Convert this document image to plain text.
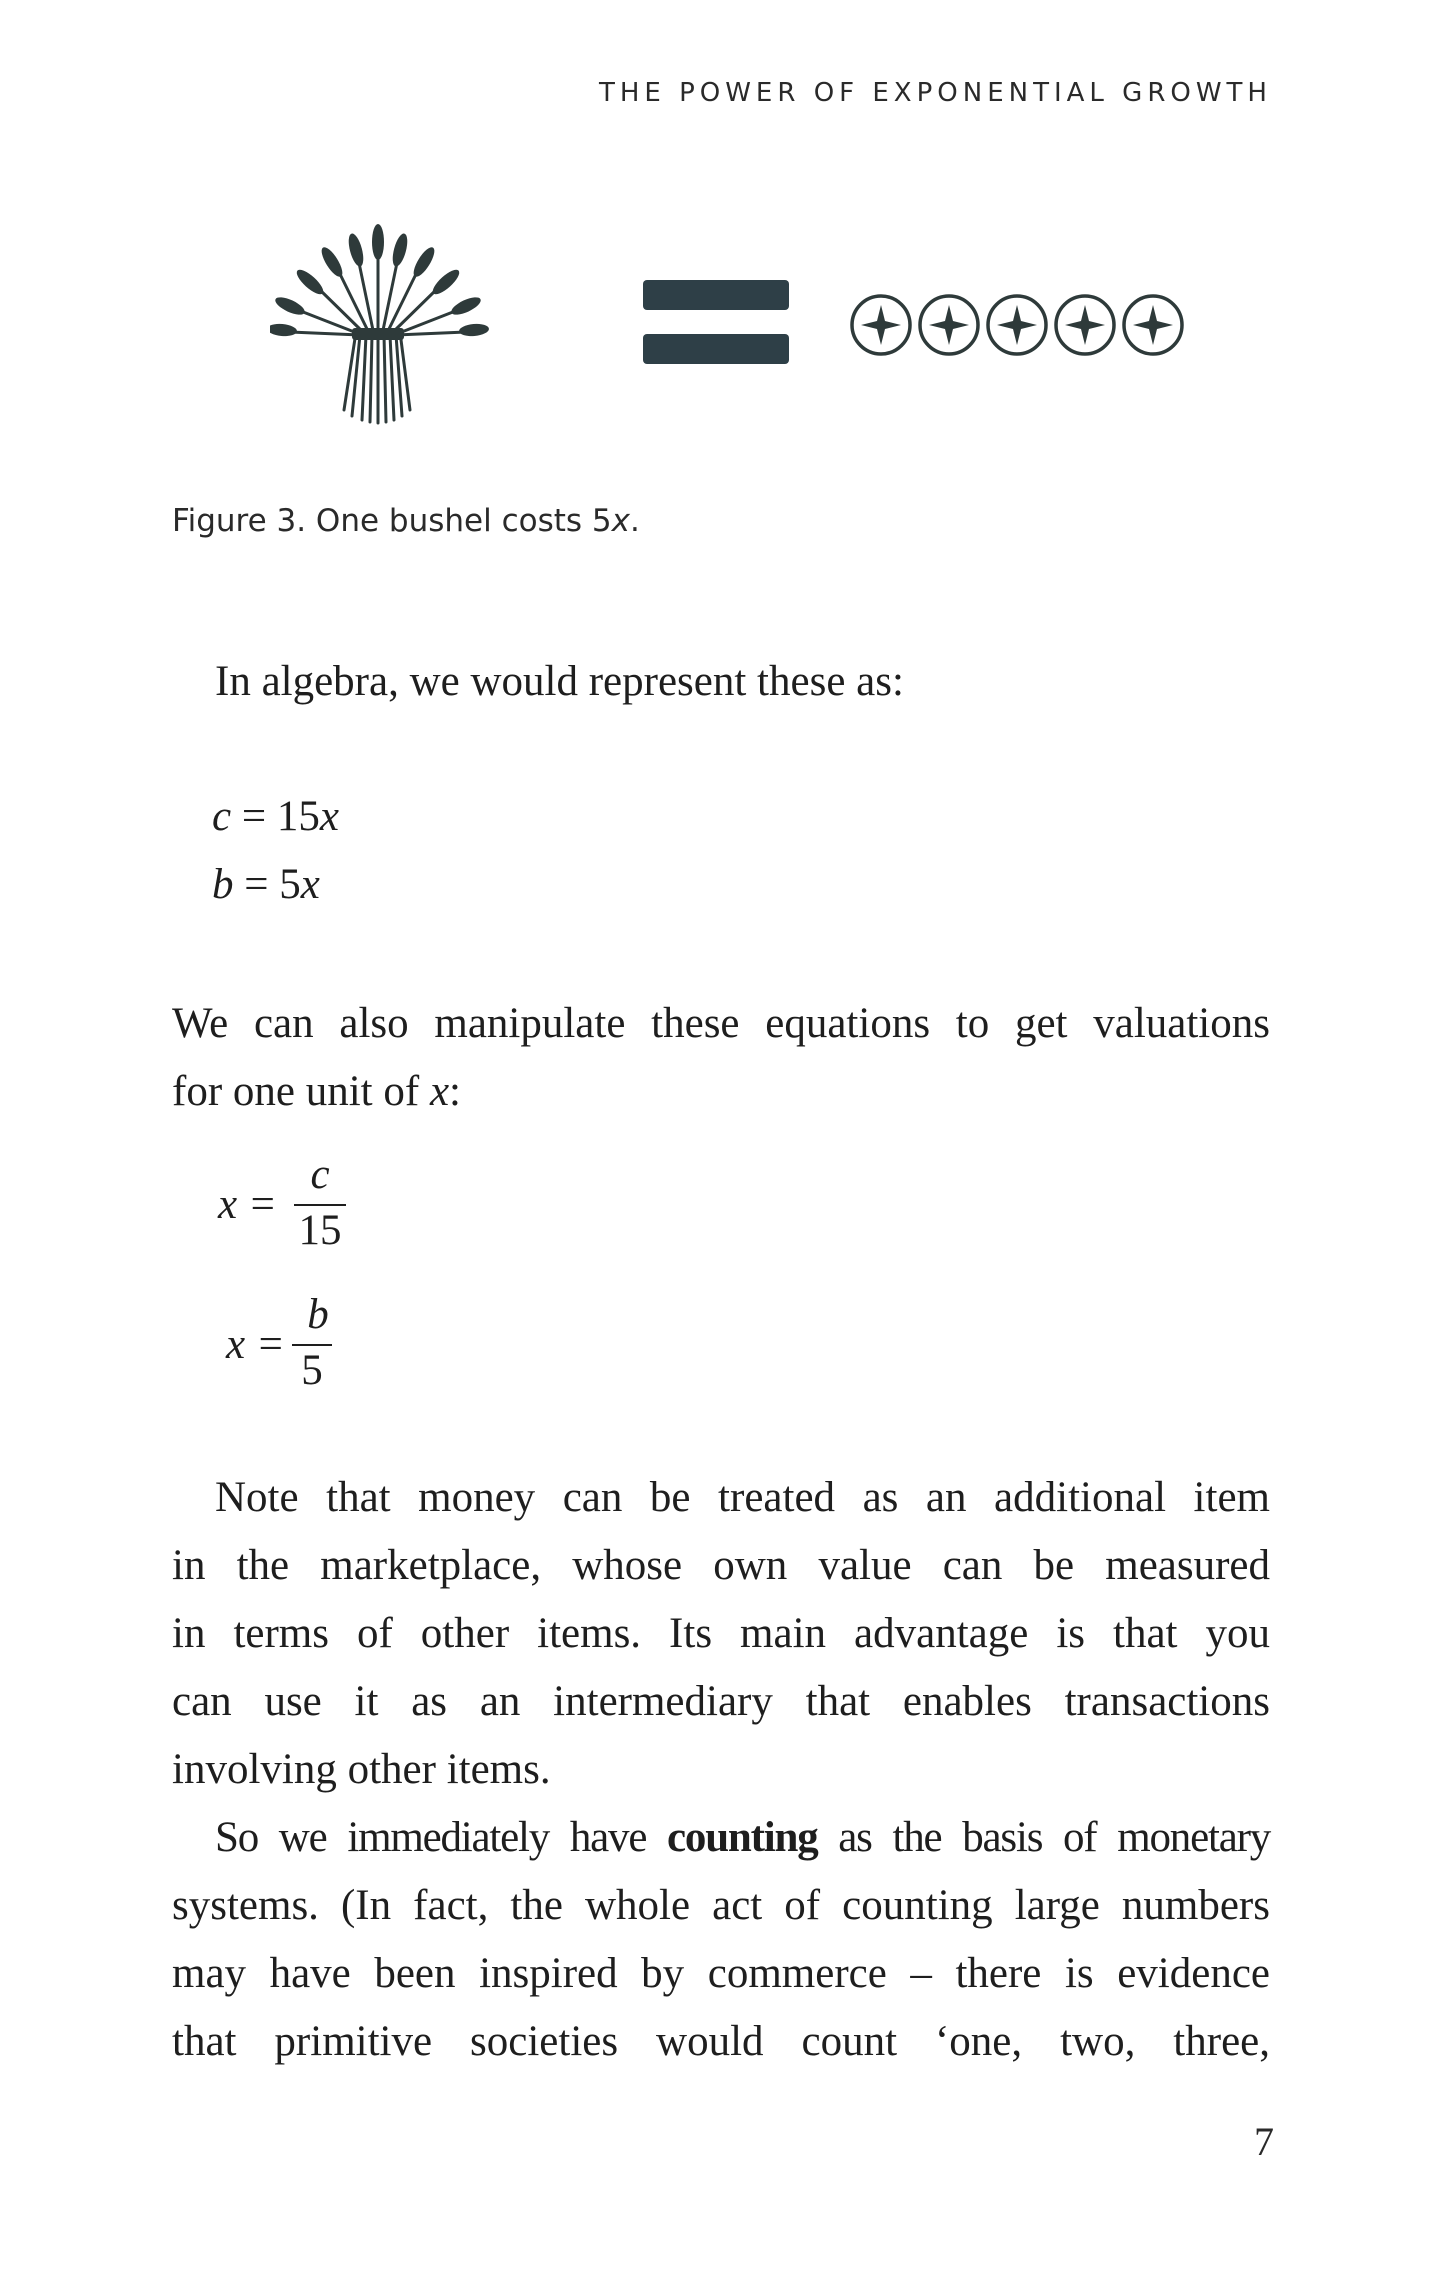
THE POWER OF EXPONENTIAL GROWTH
Figure 3. One bushel costs 5x.

In algebra, we would represent these as:

c = 15x
b = 5x

We can also manipulate these equations to get valuations
for one unit of x:

x =
c
15
x =
b
5

Note that money can be treated as an additional item
in the marketplace, whose own value can be measured
in terms of other items. Its main advantage is that you
can use it as an intermediary that enables transactions
involving other items.

So we immediately have counting as the basis of monetary
systems. (In fact, the whole act of counting large numbers
may have been inspired by commerce – there is evidence
that primitive societies would count ‘one, two, three,

7
